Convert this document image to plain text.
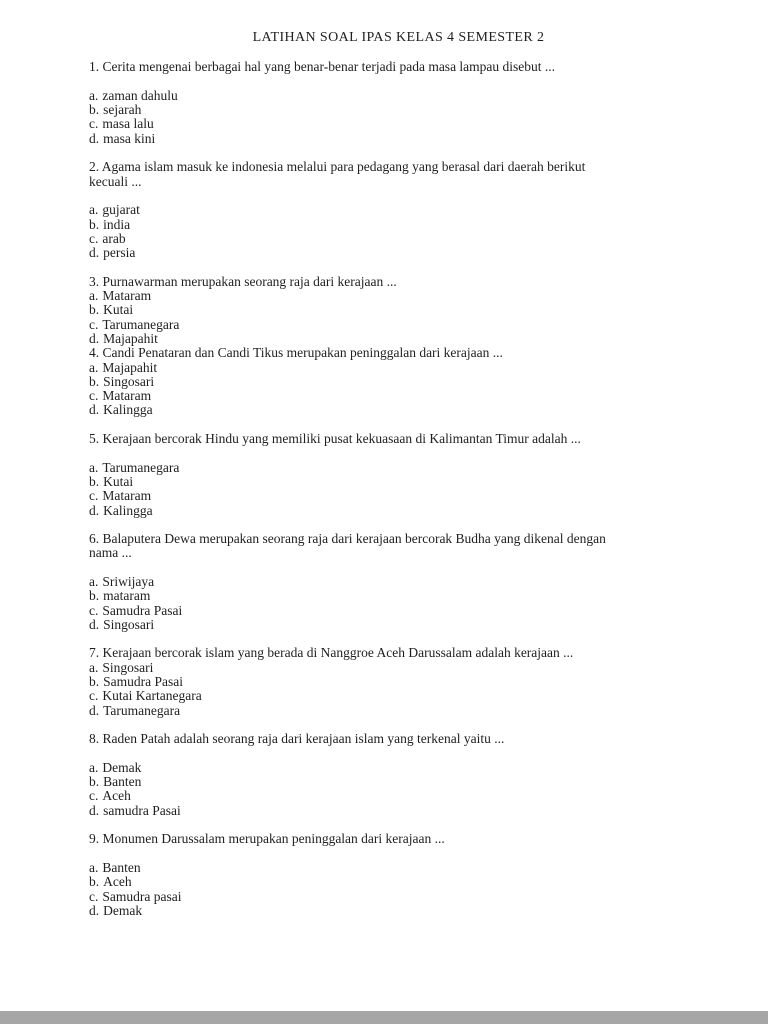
LATIHAN SOAL IPAS KELAS 4 SEMESTER 2
1. Cerita mengenai berbagai hal yang benar-benar terjadi pada masa lampau disebut ...
a. zaman dahulu
b. sejarah
c. masa lalu
d. masa kini
2. Agama islam masuk ke indonesia melalui para pedagang yang berasal dari daerah berikut
kecuali ...
a. gujarat
b. india
c. arab
d. persia
3. Purnawarman merupakan seorang raja dari kerajaan ...
a. Mataram
b. Kutai
c. Tarumanegara
d. Majapahit
4. Candi Penataran dan Candi Tikus merupakan peninggalan dari kerajaan ...
a. Majapahit
b. Singosari
c. Mataram
d. Kalingga
5. Kerajaan bercorak Hindu yang memiliki pusat kekuasaan di Kalimantan Timur adalah ...
a. Tarumanegara
b. Kutai
c. Mataram
d. Kalingga
6. Balaputera Dewa merupakan seorang raja dari kerajaan bercorak Budha yang dikenal dengan
nama ...
a. Sriwijaya
b. mataram
c. Samudra Pasai
d. Singosari
7. Kerajaan bercorak islam yang berada di Nanggroe Aceh Darussalam adalah kerajaan ...
a. Singosari
b. Samudra Pasai
c. Kutai Kartanegara
d. Tarumanegara
8. Raden Patah adalah seorang raja dari kerajaan islam yang terkenal yaitu ...
a. Demak
b. Banten
c. Aceh
d. samudra Pasai
9. Monumen Darussalam merupakan peninggalan dari kerajaan ...
a. Banten
b. Aceh
c. Samudra pasai
d. Demak
